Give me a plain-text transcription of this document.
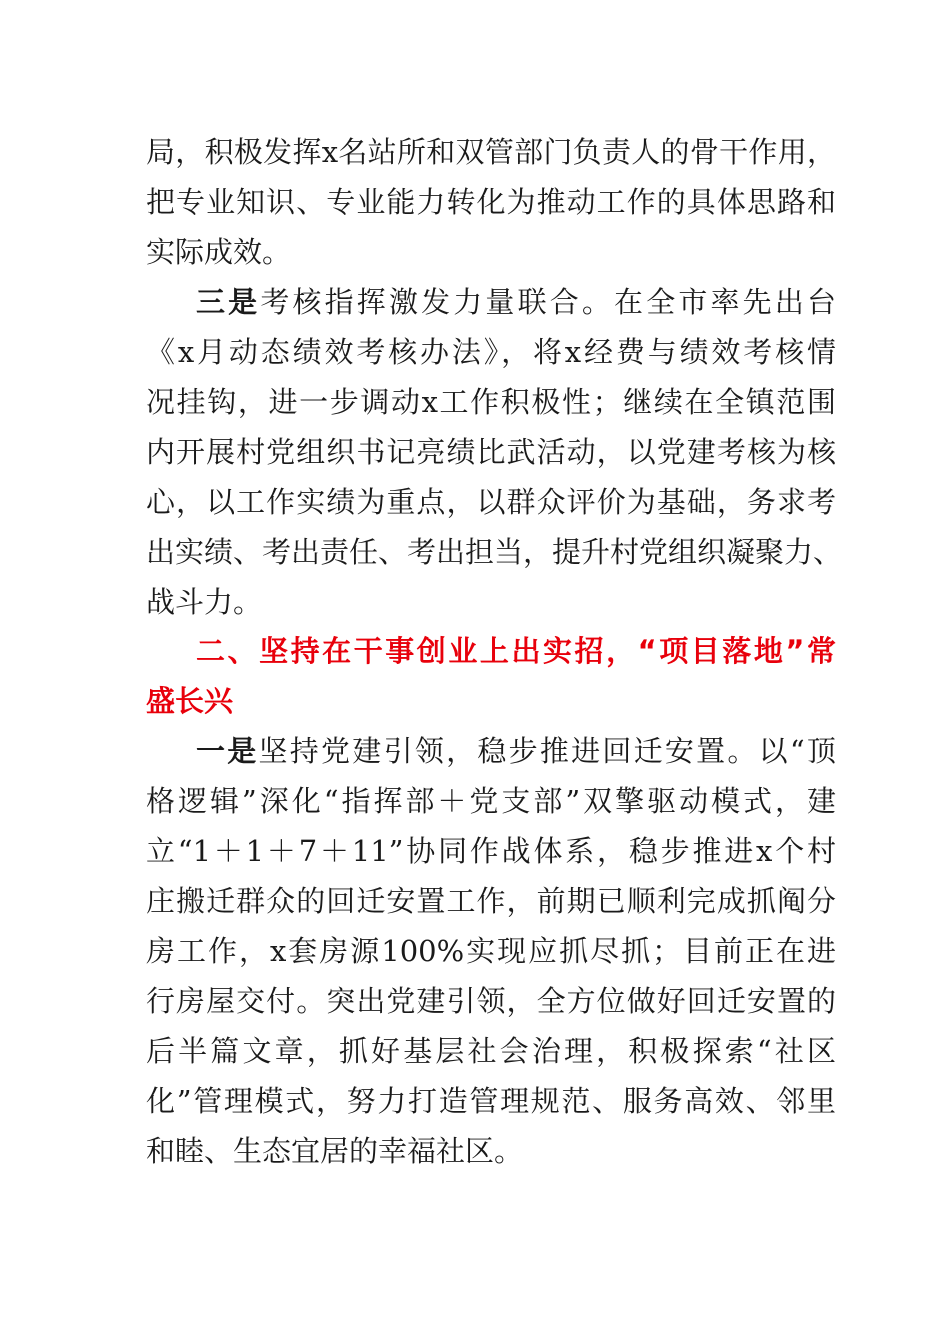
局，积极发挥x名站所和双管部门负责人的骨干作用，
把专业知识、专业能力转化为推动工作的具体思路和
实际成效。
三是考核指挥激发力量联合。在全市率先出台
《x月动态绩效考核办法》，将x经费与绩效考核情
况挂钩，进一步调动x工作积极性；继续在全镇范围
内开展村党组织书记亮绩比武活动，以党建考核为核
心，以工作实绩为重点，以群众评价为基础，务求考
出实绩、考出责任、考出担当，提升村党组织凝聚力、
战斗力。
二、坚持在干事创业上出实招，“项目落地”常
盛长兴
一是坚持党建引领，稳步推进回迁安置。以“顶
格逻辑”深化“指挥部＋党支部”双擎驱动模式，建
立“1＋1＋7＋11”协同作战体系，稳步推进x个村
庄搬迁群众的回迁安置工作，前期已顺利完成抓阄分
房工作，x套房源100%实现应抓尽抓；目前正在进
行房屋交付。突出党建引领，全方位做好回迁安置的
后半篇文章，抓好基层社会治理，积极探索“社区
化”管理模式，努力打造管理规范、服务高效、邻里
和睦、生态宜居的幸福社区。
